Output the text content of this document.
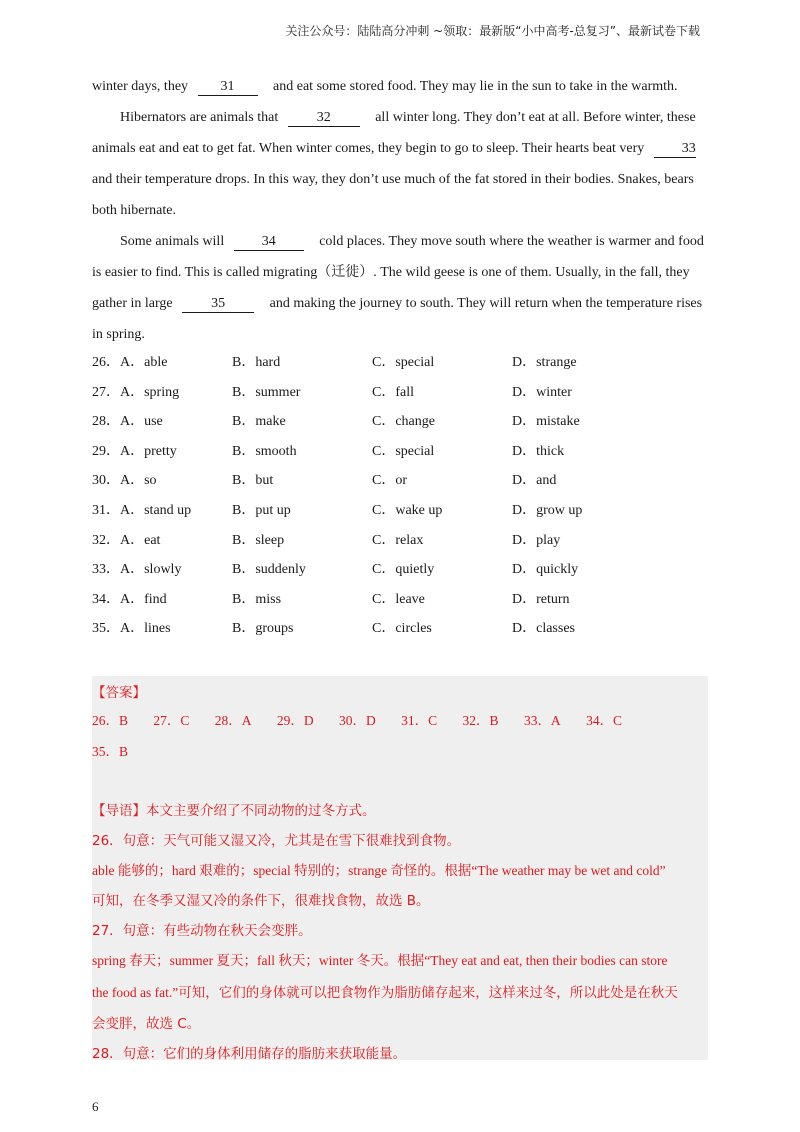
关注公众号：陆陆高分冲刺 ~领取：最新版“小中高考-总复习”、最新试卷下载
winter days, they 31	and eat some stored food. They may lie in the sun to take in the warmth.
Hibernators are animals that	32	all winter long. They don’t eat at all. Before winter, these
animals eat and eat to get fat. When winter comes, they begin to go to sleep. Their hearts beat very	33
and their temperature drops. In this way, they don’t use much of the fat stored in their bodies. Snakes, bears
both hibernate.
Some animals will	34	cold places. They move south where the weather is warmer and food
is easier to find. This is called migrating（迁徙）. The wild geese is one of them. Usually, in the fall, they
gather in large	35	and making the journey to south. They will return when the temperature rises
in spring.
26．A．able	B．hard	C．special	D．strange
27．A．spring	B．summer	C．fall	D．winter
28．A．use	B．make	C．change	D．mistake
29．A．pretty	B．smooth	C．special	D．thick
30．A．so	B．but	C．or	D．and
31．A．stand up	B．put up	C．wake up	D．grow up
32．A．eat	B．sleep	C．relax	D．play
33．A．slowly	B．suddenly	C．quietly	D．quickly
34．A．find	B．miss	C．leave	D．return
35．A．lines	B．groups	C．circles	D．classes
【答案】
26．B 27．C 28．A 29．D 30．D 31．C 32．B 33．A 34．C
35．B
【导语】本文主要介绍了不同动物的过冬方式。
26．句意：天气可能又湿又冷，尤其是在雪下很难找到食物。
able 能够的；hard 艰难的；special 特别的；strange 奇怪的。根据“The weather may be wet and cold”
可知，在冬季又湿又冷的条件下，很难找食物，故选 B。
27．句意：有些动物在秋天会变胖。
spring 春天；summer 夏天；fall 秋天；winter 冬天。根据“They eat and eat, then their bodies can store
the food as fat.”可知，它们的身体就可以把食物作为脂肪储存起来，这样来过冬，所以此处是在秋天
会变胖，故选 C。
28．句意：它们的身体利用储存的脂肪来获取能量。
6
